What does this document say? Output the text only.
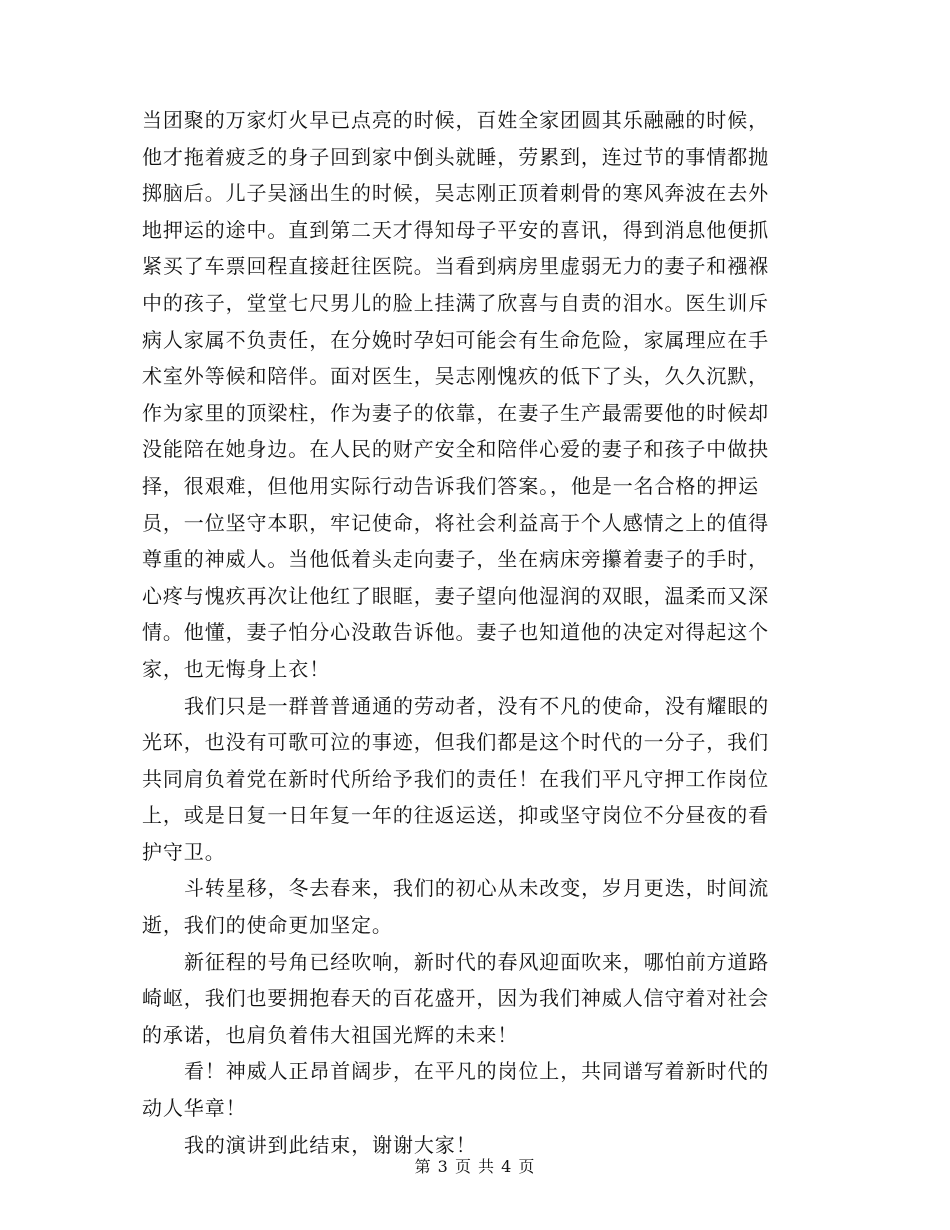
当团聚的万家灯火早已点亮的时候，百姓全家团圆其乐融融的时候，
他才拖着疲乏的身子回到家中倒头就睡，劳累到，连过节的事情都抛
掷脑后。儿子吴涵出生的时候，吴志刚正顶着刺骨的寒风奔波在去外
地押运的途中。直到第二天才得知母子平安的喜讯，得到消息他便抓
紧买了车票回程直接赶往医院。当看到病房里虚弱无力的妻子和襁褓
中的孩子，堂堂七尺男儿的脸上挂满了欣喜与自责的泪水。医生训斥
病人家属不负责任，在分娩时孕妇可能会有生命危险，家属理应在手
术室外等候和陪伴。面对医生，吴志刚愧疚的低下了头，久久沉默，
作为家里的顶梁柱，作为妻子的依靠，在妻子生产最需要他的时候却
没能陪在她身边。在人民的财产安全和陪伴心爱的妻子和孩子中做抉
择，很艰难，但他用实际行动告诉我们答案。，他是一名合格的押运
员，一位坚守本职，牢记使命，将社会利益高于个人感情之上的值得
尊重的神威人。当他低着头走向妻子，坐在病床旁攥着妻子的手时，
心疼与愧疚再次让他红了眼眶，妻子望向他湿润的双眼，温柔而又深
情。他懂，妻子怕分心没敢告诉他。妻子也知道他的决定对得起这个
家，也无悔身上衣！
我们只是一群普普通通的劳动者，没有不凡的使命，没有耀眼的
光环，也没有可歌可泣的事迹，但我们都是这个时代的一分子，我们
共同肩负着党在新时代所给予我们的责任！在我们平凡守押工作岗位
上，或是日复一日年复一年的往返运送，抑或坚守岗位不分昼夜的看
护守卫。
斗转星移，冬去春来，我们的初心从未改变，岁月更迭，时间流
逝，我们的使命更加坚定。
新征程的号角已经吹响，新时代的春风迎面吹来，哪怕前方道路
崎岖，我们也要拥抱春天的百花盛开，因为我们神威人信守着对社会
的承诺，也肩负着伟大祖国光辉的未来！
看！神威人正昂首阔步，在平凡的岗位上，共同谱写着新时代的
动人华章！
我的演讲到此结束，谢谢大家！
第 3 页 共 4 页
